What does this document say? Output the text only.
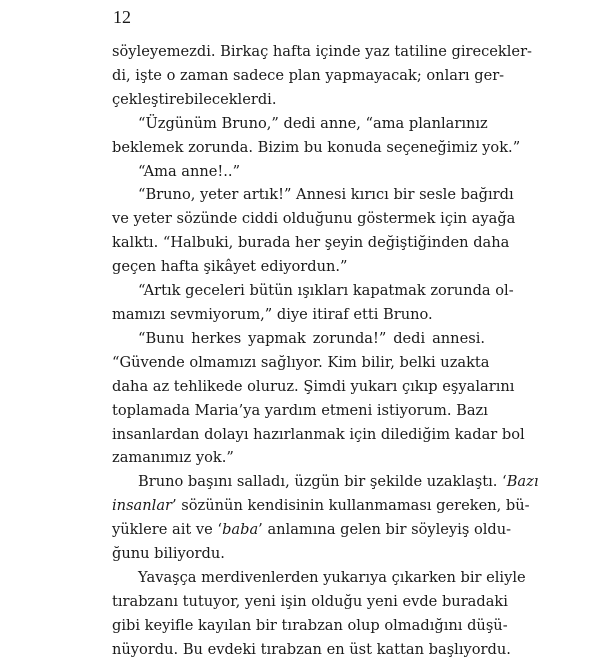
12

söyleyemezdi. Birkaç hafta içinde yaz tatiline girecekler-
di, işte o zaman sadece plan yapmayacak; onları ger-
çekleştirebileceklerdi.

“Üzgünüm Bruno,” dedi anne, “ama planlarınız
beklemek zorunda. Bizim bu konuda seçeneğimiz yok.”

“Ama anne!..”

“Bruno, yeter artık!” Annesi kırıcı bir sesle bağırdı
ve yeter sözünde ciddi olduğunu göstermek için ayağa
kalktı. “Halbuki, burada her şeyin değiştiğinden daha
geçen hafta şikâyet ediyordun.”

“Artık geceleri bütün ışıkları kapatmak zorunda ol-
mamızı sevmiyorum,” diye itiraf etti Bruno.

“Bunu herkes yapmak zorunda!” dedi annesi.
“Güvende olmamızı sağlıyor. Kim bilir, belki uzakta
daha az tehlikede oluruz. Şimdi yukarı çıkıp eşyalarını
toplamada Maria’ya yardım etmeni istiyorum. Bazı
insanlardan dolayı hazırlanmak için dilediğim kadar bol
zamanımız yok.”

Bruno başını salladı, üzgün bir şekilde uzaklaştı. ‘Bazı
insanlar’ sözünün kendisinin kullanmaması gereken, bü-
yüklere ait ve ‘baba’ anlamına gelen bir söyleyiş oldu-
ğunu biliyordu.

Yavaşça merdivenlerden yukarıya çıkarken bir eliyle
tırabzanı tutuyor, yeni işin olduğu yeni evde buradaki
gibi keyifle kayılan bir tırabzan olup olmadığını düşü-
nüyordu. Bu evdeki tırabzan en üst kattan başlıyordu.
